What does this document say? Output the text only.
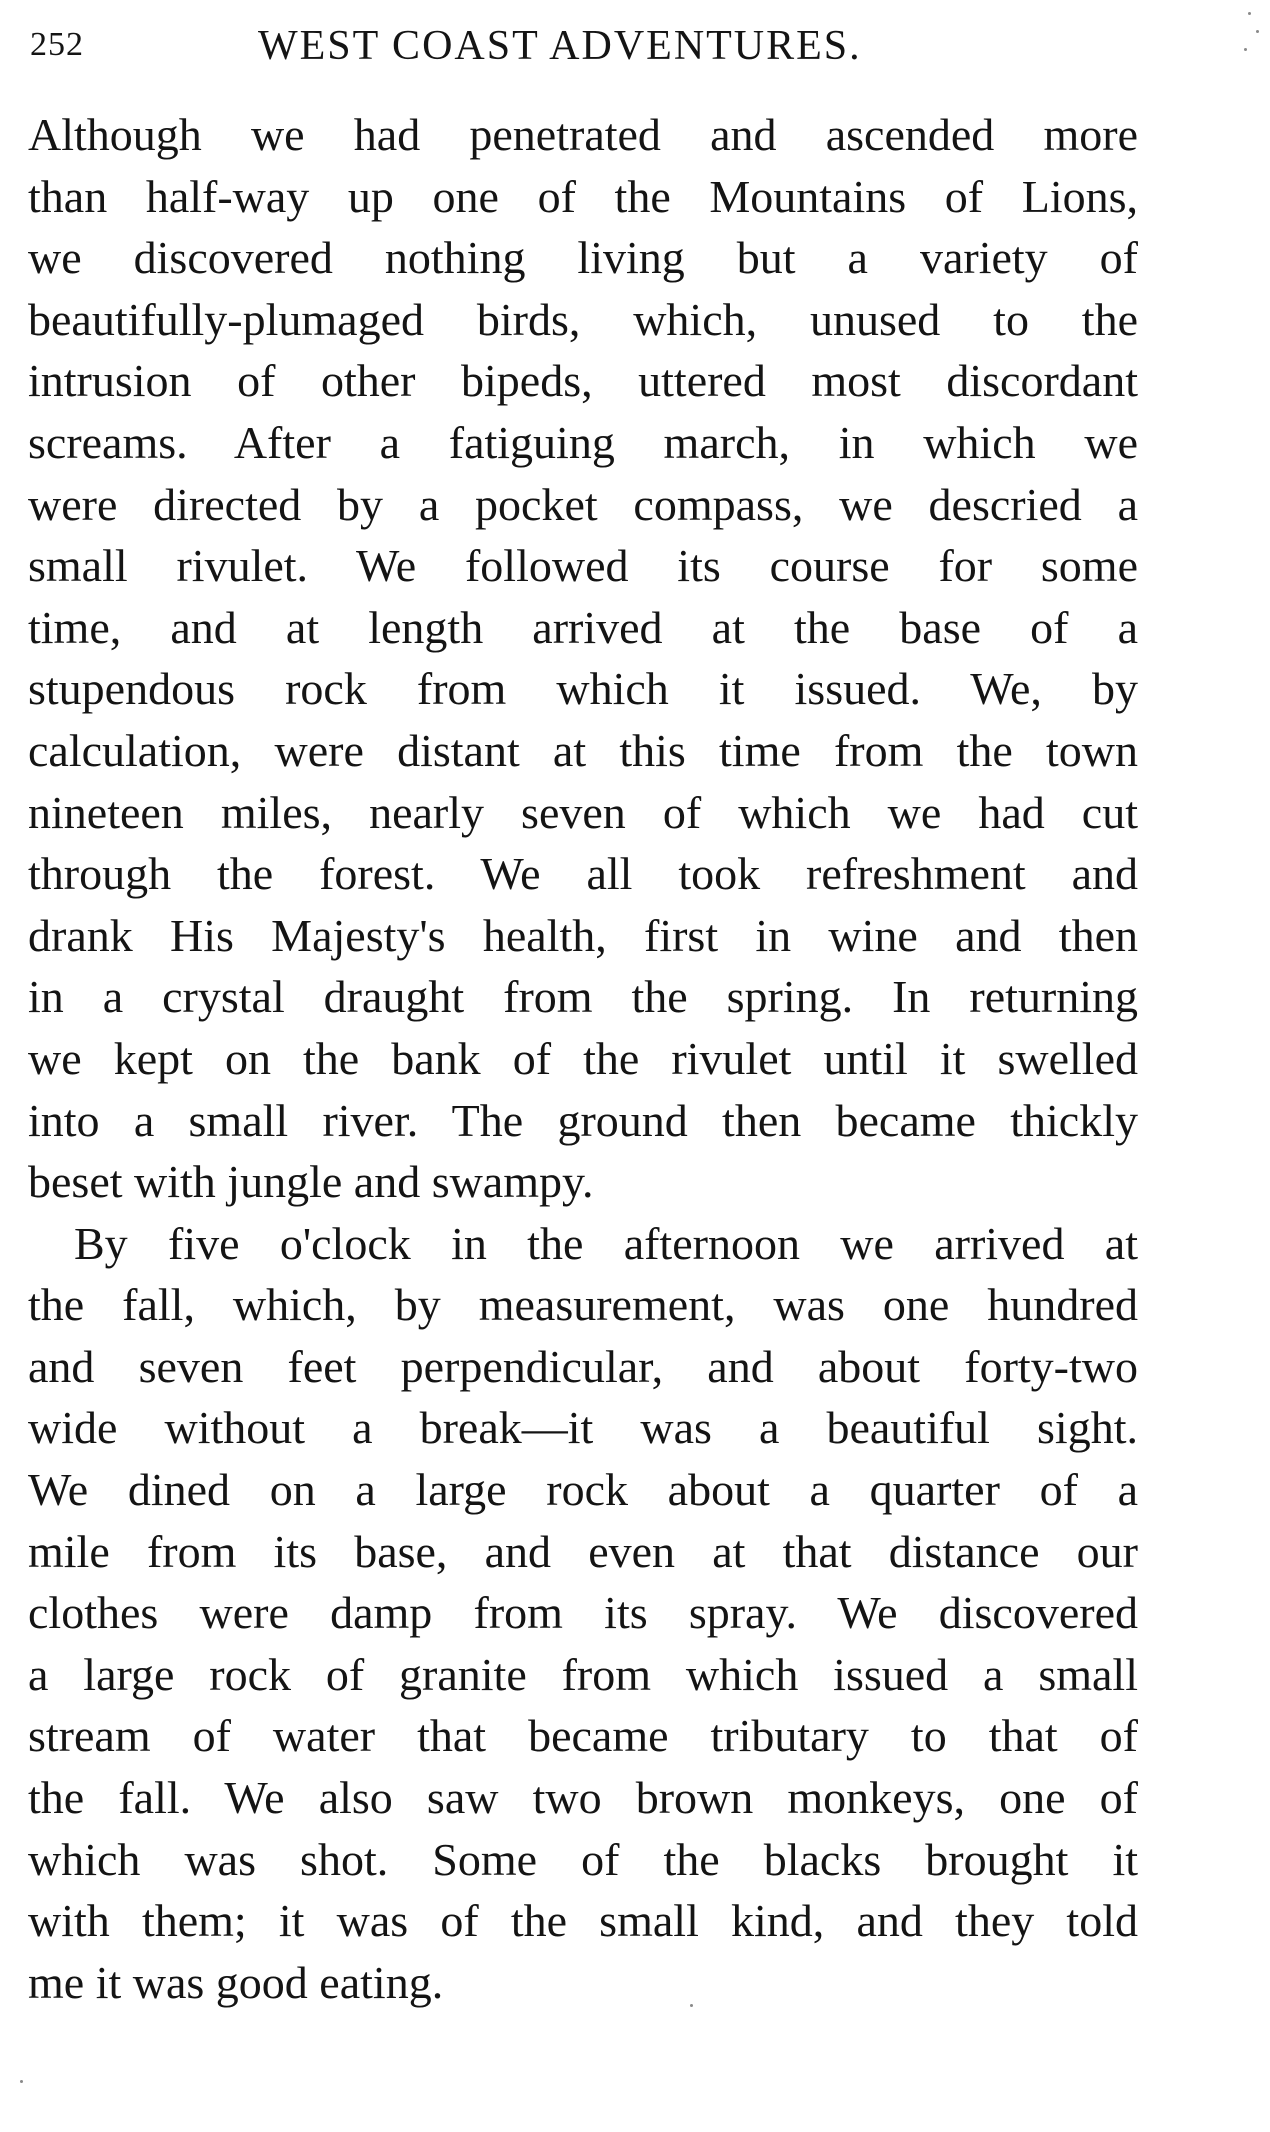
252	WEST COAST ADVENTURES.
Although we had penetrated and ascended more
than half-way up one of the Mountains of Lions,
we discovered nothing living but a variety of
beautifully-plumaged birds, which, unused to the
intrusion of other bipeds, uttered most discordant
screams. After a fatiguing march, in which we
were directed by a pocket compass, we descried a
small rivulet. We followed its course for some
time, and at length arrived at the base of a
stupendous rock from which it issued. We, by
calculation, were distant at this time from the town
nineteen miles, nearly seven of which we had cut
through the forest. We all took refreshment and
drank His Majesty's health, first in wine and then
in a crystal draught from the spring. In returning
we kept on the bank of the rivulet until it swelled
into a small river. The ground then became thickly
beset with jungle and swampy.
By five o'clock in the afternoon we arrived at
the fall, which, by measurement, was one hundred
and seven feet perpendicular, and about forty-two
wide without a break—it was a beautiful sight.
We dined on a large rock about a quarter of a
mile from its base, and even at that distance our
clothes were damp from its spray. We discovered
a large rock of granite from which issued a small
stream of water that became tributary to that of
the fall. We also saw two brown monkeys, one of
which was shot. Some of the blacks brought it
with them; it was of the small kind, and they told
me it was good eating.
